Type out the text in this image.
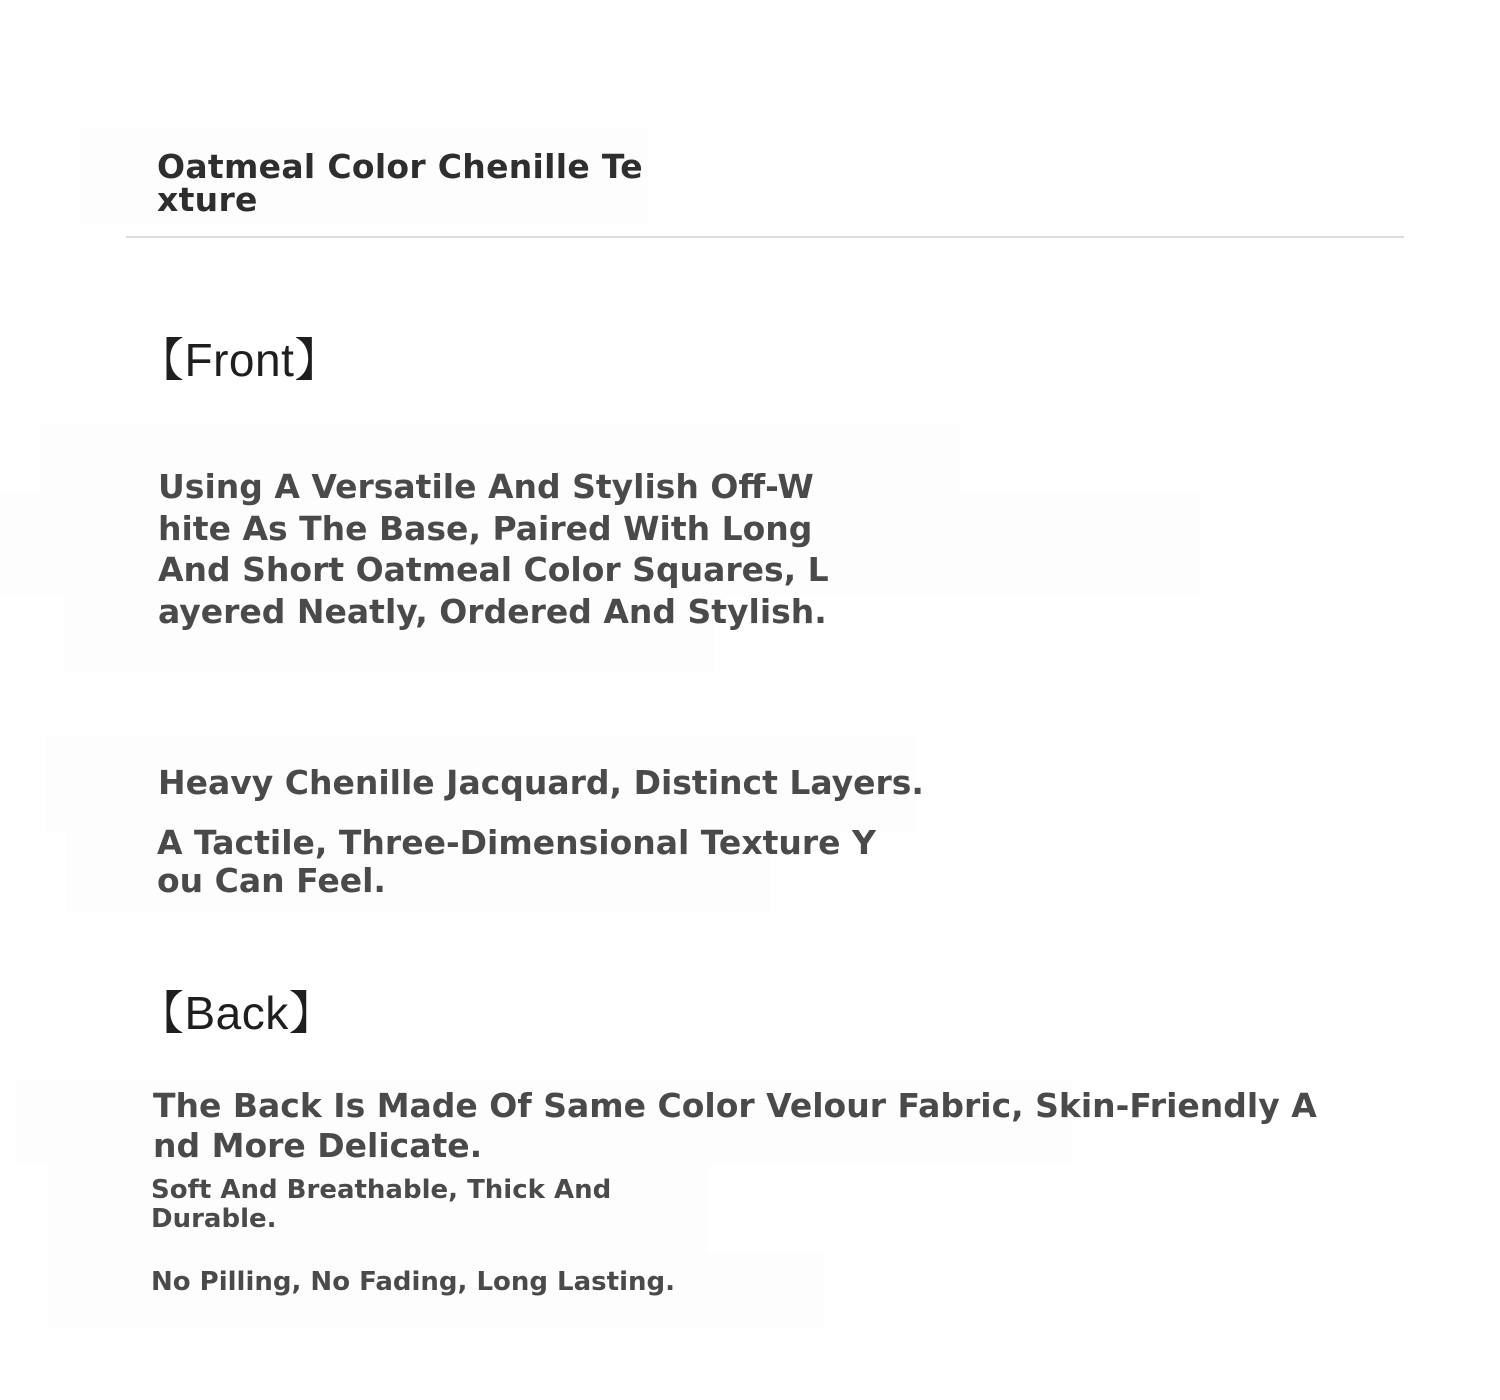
Oatmeal Color Chenille Te
xture
【Front】

Using A Versatile And Stylish Off-W
hite As The Base, Paired With Long
And Short Oatmeal Color Squares, L
ayered Neatly, Ordered And Stylish.

Heavy Chenille Jacquard, Distinct Layers.

A Tactile, Three-Dimensional Texture Y
ou Can Feel.

【Back】

The Back Is Made Of Same Color Velour Fabric, Skin-Friendly A
nd More Delicate.

Soft And Breathable, Thick And
Durable.

No Pilling, No Fading, Long Lasting.
